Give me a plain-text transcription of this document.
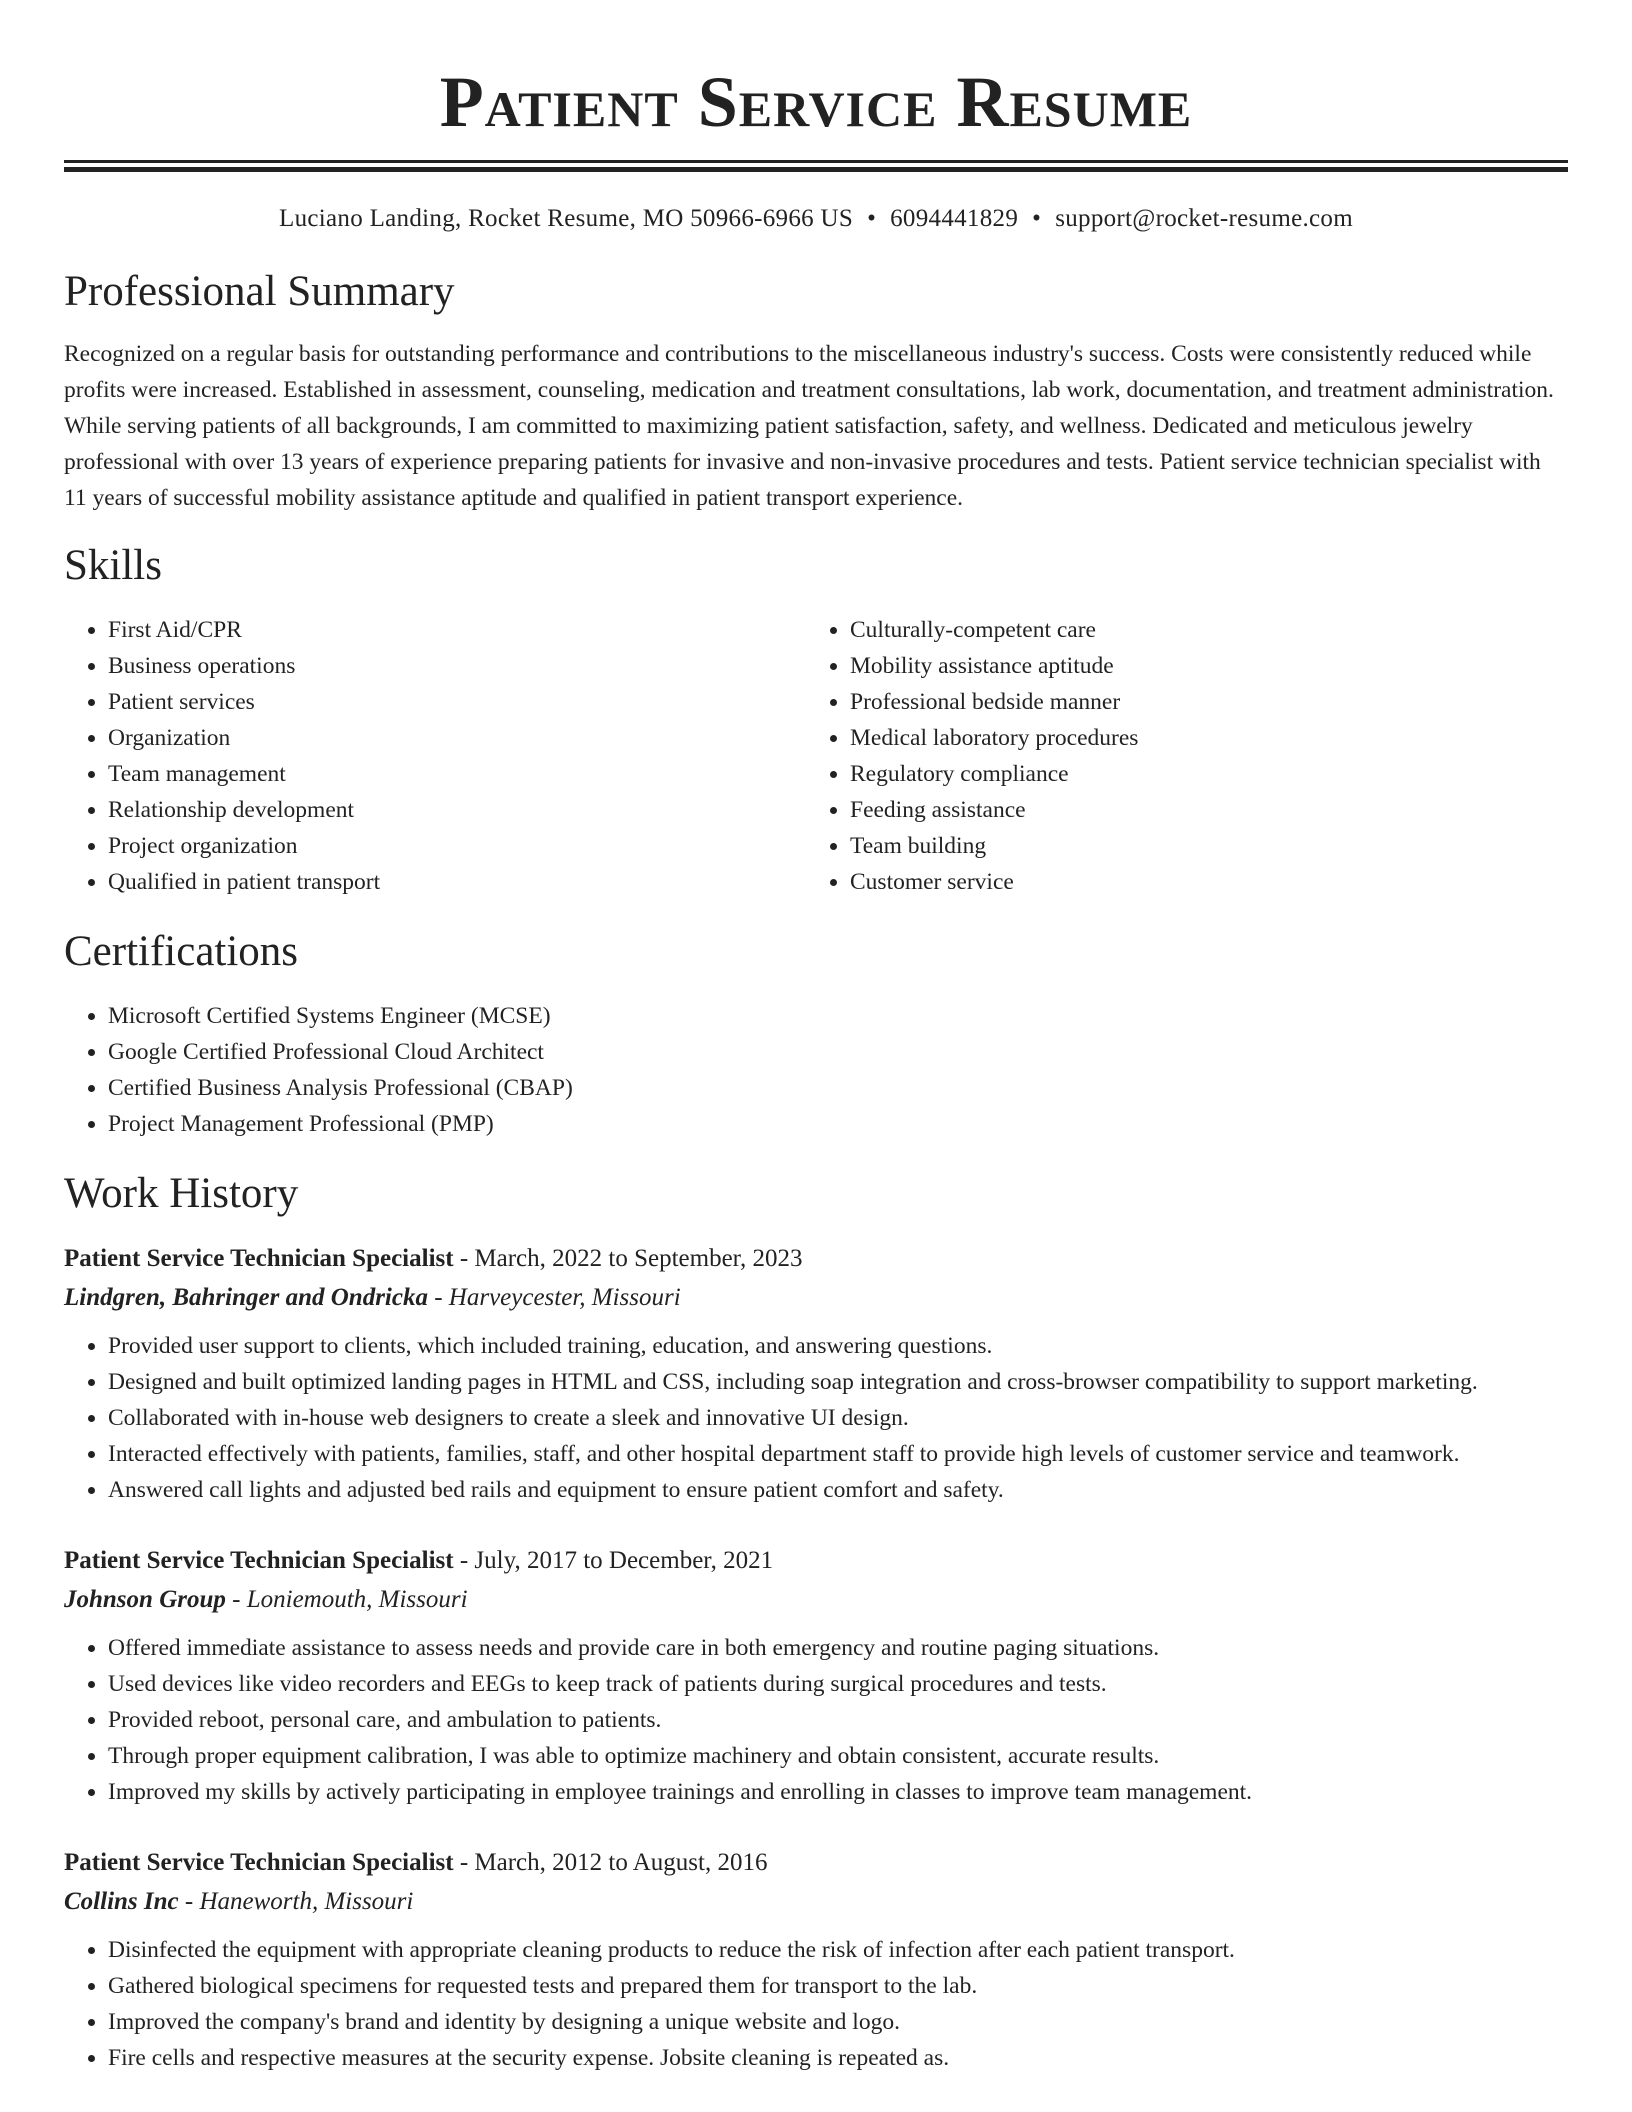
Patient Service Resume
Luciano Landing, Rocket Resume, MO 50966-6966 US • 6094441829 • support@rocket-resume.com
Professional Summary

Recognized on a regular basis for outstanding performance and contributions to the miscellaneous industry's success. Costs were consistently reduced while profits were increased. Established in assessment, counseling, medication and treatment consultations, lab work, documentation, and treatment administration. While serving patients of all backgrounds, I am committed to maximizing patient satisfaction, safety, and wellness. Dedicated and meticulous jewelry professional with over 13 years of experience preparing patients for invasive and non-invasive procedures and tests. Patient service technician specialist with 11 years of successful mobility assistance aptitude and qualified in patient transport experience.

Skills
• First Aid/CPR
• Business operations
• Patient services
• Organization
• Team management
• Relationship development
• Project organization
• Qualified in patient transport
• Culturally-competent care
• Mobility assistance aptitude
• Professional bedside manner
• Medical laboratory procedures
• Regulatory compliance
• Feeding assistance
• Team building
• Customer service
Certifications
• Microsoft Certified Systems Engineer (MCSE)
• Google Certified Professional Cloud Architect
• Certified Business Analysis Professional (CBAP)
• Project Management Professional (PMP)
Work History
Patient Service Technician Specialist - March, 2022 to September, 2023
Lindgren, Bahringer and Ondricka - Harveycester, Missouri
• Provided user support to clients, which included training, education, and answering questions.
• Designed and built optimized landing pages in HTML and CSS, including soap integration and cross-browser compatibility to support marketing.
• Collaborated with in-house web designers to create a sleek and innovative UI design.
• Interacted effectively with patients, families, staff, and other hospital department staff to provide high levels of customer service and teamwork.
• Answered call lights and adjusted bed rails and equipment to ensure patient comfort and safety.
Patient Service Technician Specialist - July, 2017 to December, 2021
Johnson Group - Loniemouth, Missouri
• Offered immediate assistance to assess needs and provide care in both emergency and routine paging situations.
• Used devices like video recorders and EEGs to keep track of patients during surgical procedures and tests.
• Provided reboot, personal care, and ambulation to patients.
• Through proper equipment calibration, I was able to optimize machinery and obtain consistent, accurate results.
• Improved my skills by actively participating in employee trainings and enrolling in classes to improve team management.
Patient Service Technician Specialist - March, 2012 to August, 2016
Collins Inc - Haneworth, Missouri
• Disinfected the equipment with appropriate cleaning products to reduce the risk of infection after each patient transport.
• Gathered biological specimens for requested tests and prepared them for transport to the lab.
• Improved the company's brand and identity by designing a unique website and logo.
• Fire cells and respective measures at the security expense. Jobsite cleaning is repeated as.
